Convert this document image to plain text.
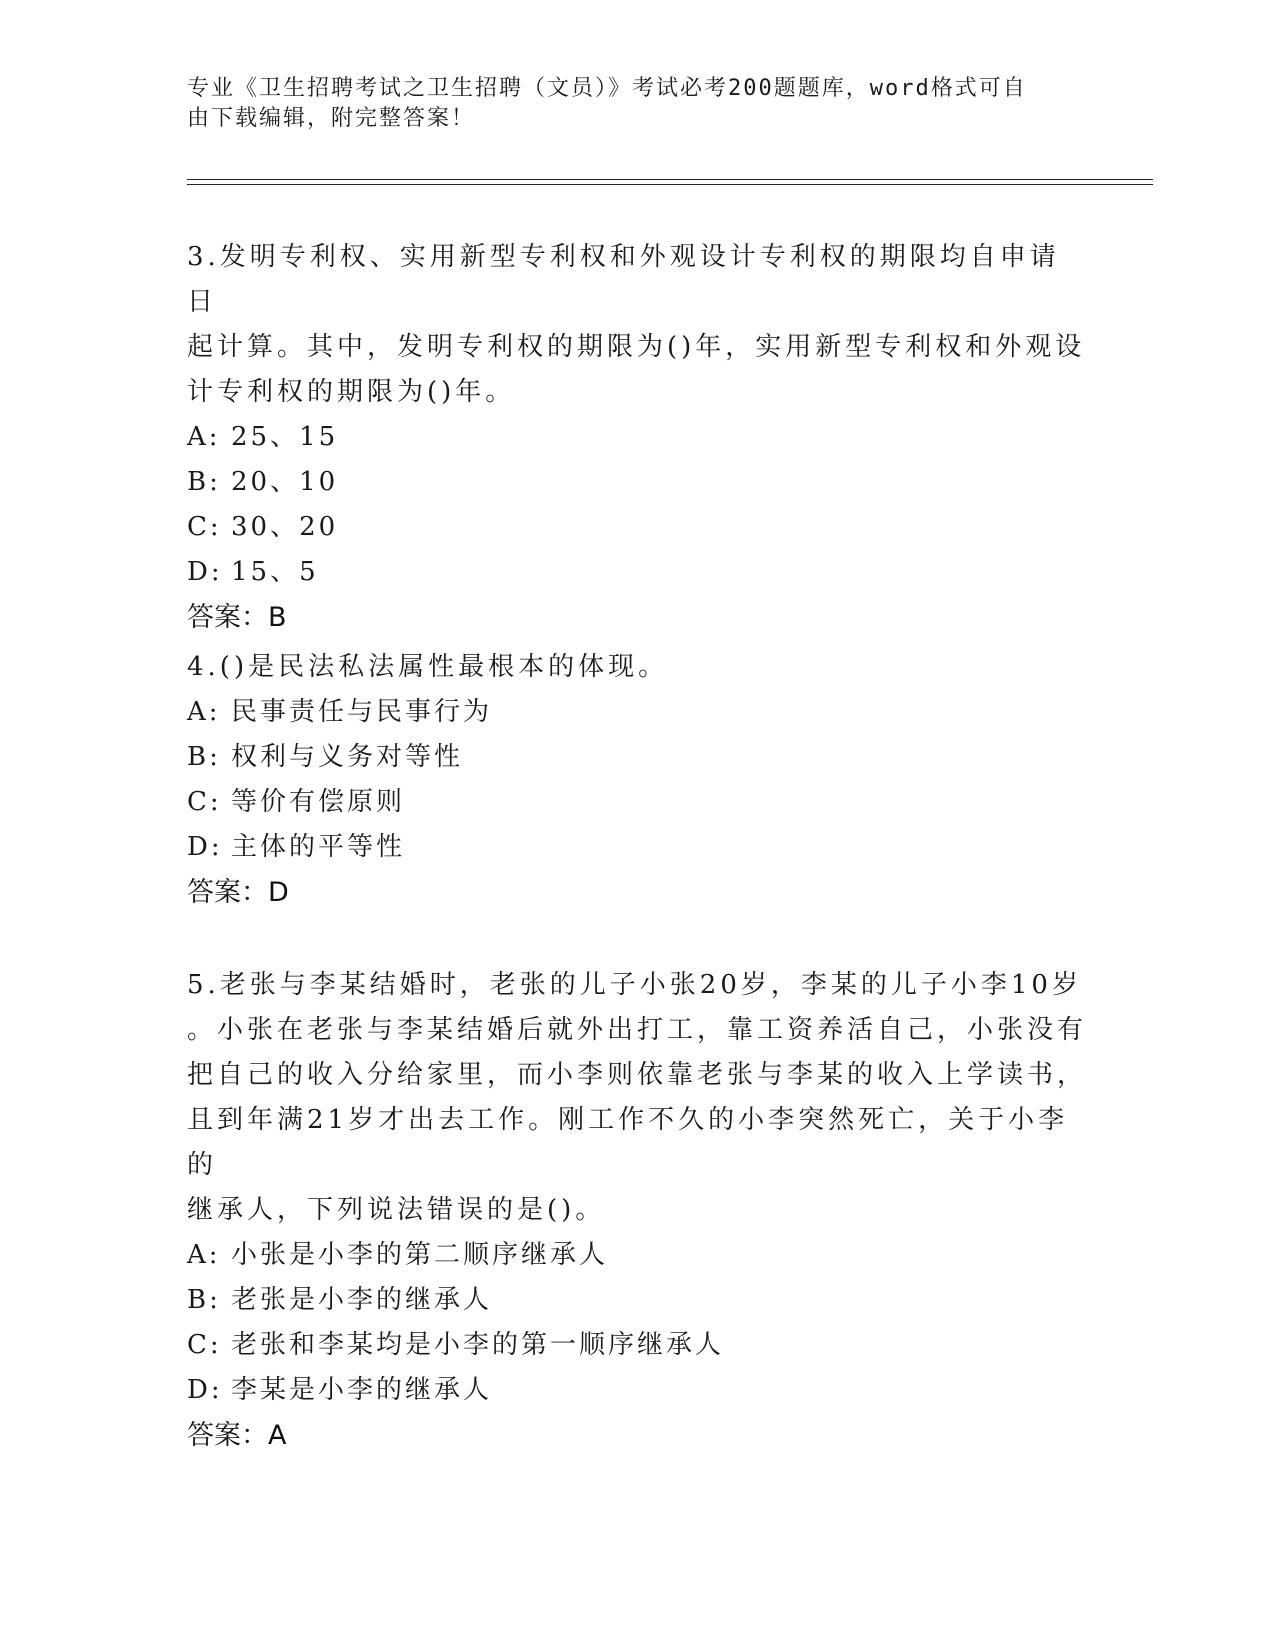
专业《卫生招聘考试之卫生招聘（文员）》考试必考200题题库，word格式可自
由下载编辑，附完整答案！

3.发明专利权、实用新型专利权和外观设计专利权的期限均自申请日

起计算。其中，发明专利权的期限为()年，实用新型专利权和外观设

计专利权的期限为()年。

A: 25、15

B: 20、10

C: 30、20

D: 15、5

答案：B

4.()是民法私法属性最根本的体现。

A: 民事责任与民事行为

B: 权利与义务对等性

C: 等价有偿原则

D: 主体的平等性

答案：D

5.老张与李某结婚时，老张的儿子小张20岁，李某的儿子小李10岁

。小张在老张与李某结婚后就外出打工，靠工资养活自己，小张没有

把自己的收入分给家里，而小李则依靠老张与李某的收入上学读书，

且到年满21岁才出去工作。刚工作不久的小李突然死亡，关于小李的

继承人，下列说法错误的是()。

A: 小张是小李的第二顺序继承人

B: 老张是小李的继承人

C: 老张和李某均是小李的第一顺序继承人

D: 李某是小李的继承人

答案：A
